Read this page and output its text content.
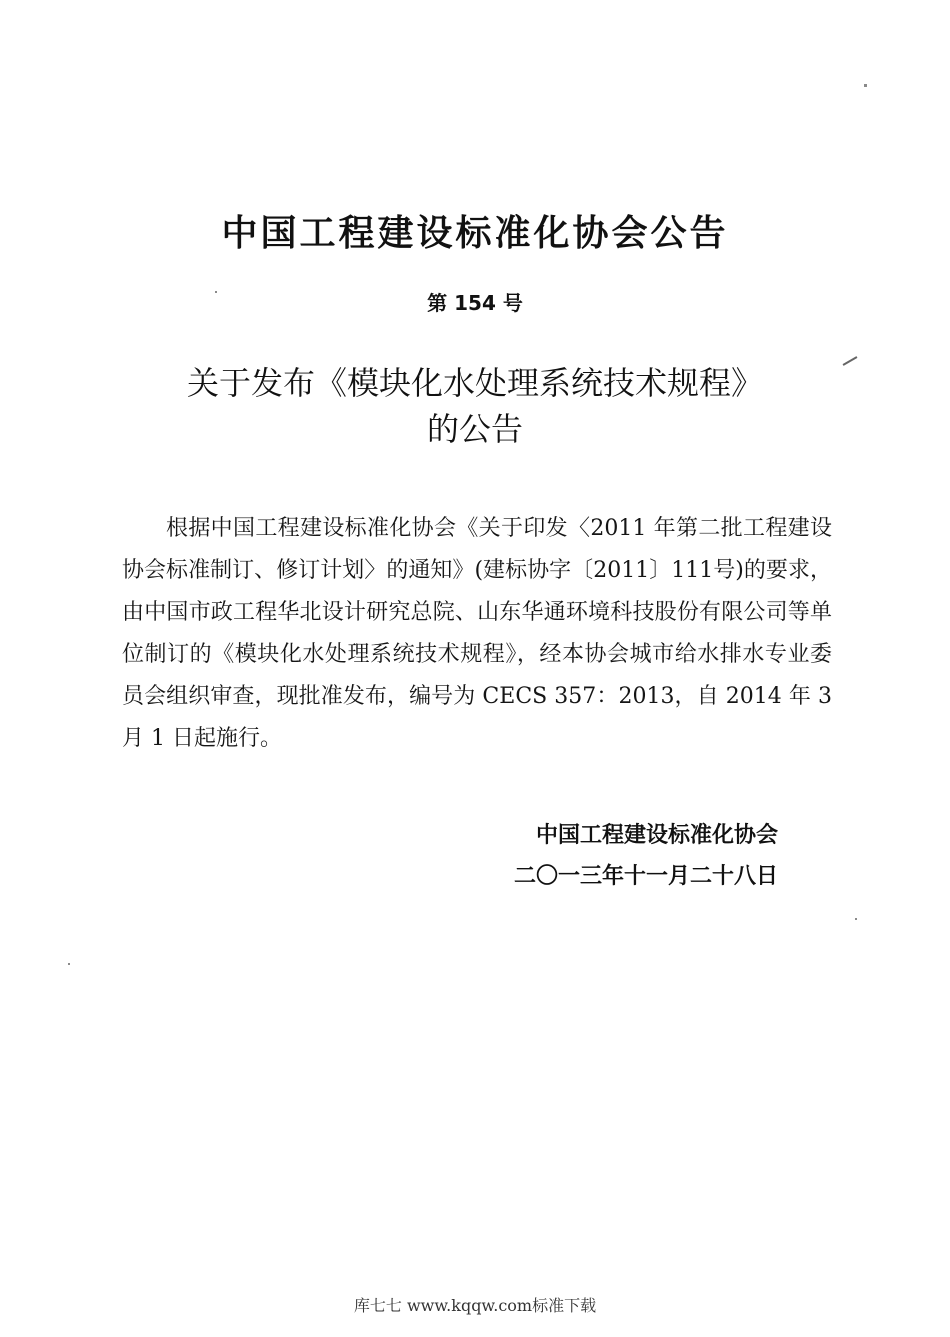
中国工程建设标准化协会公告
第 154 号
关于发布《模块化水处理系统技术规程》
的公告
根据中国工程建设标准化协会《关于印发〈2011 年第二批工程建设协会标准制订、修订计划〉的通知》(建标协字〔2011〕111号)的要求，由中国市政工程华北设计研究总院、山东华通环境科技股份有限公司等单位制订的《模块化水处理系统技术规程》，经本协会城市给水排水专业委员会组织审查，现批准发布，编号为 CECS 357：2013，自 2014 年 3 月 1 日起施行。
中国工程建设标准化协会
二〇一三年十一月二十八日
库七七 www.kqqw.com标准下载
